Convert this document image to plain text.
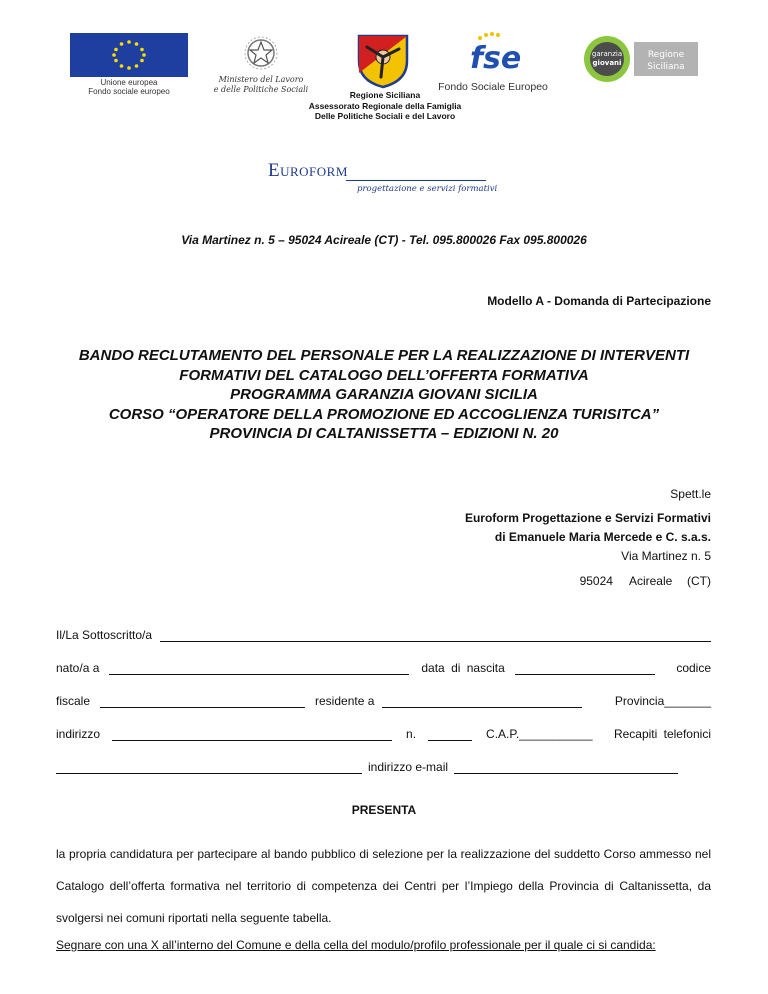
Unione europea
Fondo sociale europeo
Ministero del Lavoro
e delle Politiche Sociali
Regione Siciliana
Assessorato Regionale della Famiglia
Delle Politiche Sociali e del Lavoro
fse
Fondo Sociale Europeo
garanzia
giovani
Regione
Siciliana
Euroform
progettazione e servizi formativi
Via Martinez n. 5 – 95024 Acireale (CT) - Tel. 095.800026 Fax 095.800026
Modello A - Domanda di Partecipazione
BANDO RECLUTAMENTO DEL PERSONALE PER LA REALIZZAZIONE DI INTERVENTI
FORMATIVI DEL CATALOGO DELL’OFFERTA FORMATIVA
PROGRAMMA GARANZIA GIOVANI SICILIA
CORSO “OPERATORE DELLA PROMOZIONE ED ACCOGLIENZA TURISITCA”
PROVINCIA DI CALTANISSETTA – EDIZIONI N. 20
Spett.le
Euroform Progettazione e Servizi Formativi
di Emanuele Maria Mercede e C. s.a.s.
Via Martinez n. 5
95024 Acireale (CT)
Il/La Sottoscritto/a
nato/a a	data di nascita	codice
fiscale	residente a	Provincia_______
indirizzo	n.	C.A.P.___________ Recapiti telefonici
indirizzo e-mail
PRESENTA
la propria candidatura per partecipare al bando pubblico di selezione per la realizzazione del suddetto Corso ammesso nel Catalogo dell’offerta formativa nel territorio di competenza dei Centri per l’Impiego della Provincia di Caltanissetta, da svolgersi nei comuni riportati nella seguente tabella.
Segnare con una X all’interno del Comune e della cella del modulo/profilo professionale per il quale ci si candida:
